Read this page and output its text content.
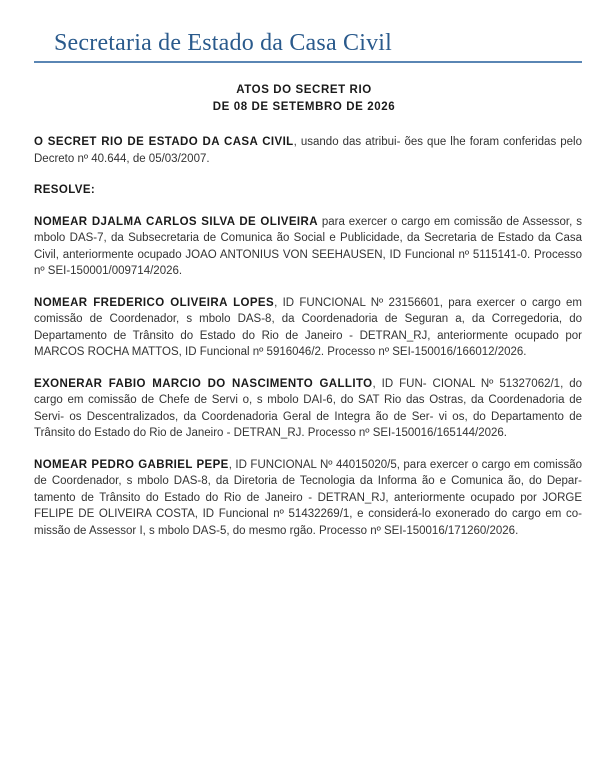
Secretaria de Estado da Casa Civil
ATOS DO SECRET RIO
DE 08 DE SETEMBRO DE 2026

O SECRET RIO DE ESTADO DA CASA CIVIL, usando das atribui- ões que lhe foram conferidas pelo Decreto nº 40.644, de 05/03/2007.

RESOLVE:

NOMEAR DJALMA CARLOS SILVA DE OLIVEIRA para exercer o cargo em comissão de Assessor, s mbolo DAS-7, da Subsecretaria de Comunica ão Social e Publicidade, da Secretaria de Estado da Casa Civil, anteriormente ocupado JOAO ANTONIUS VON SEEHAUSEN, ID Funcional nº 5115141-0. Processo nº SEI-150001/009714/2026.

NOMEAR FREDERICO OLIVEIRA LOPES, ID FUNCIONAL Nº 23156601, para exercer o cargo em comissão de Coordenador, s mbolo DAS-8, da Coordenadoria de Seguran a, da Corregedoria, do Departamento de Trânsito do Estado do Rio de Janeiro - DETRAN_RJ, anteriormente ocupado por MARCOS ROCHA MATTOS, ID Funcional nº 5916046/2. Processo nº SEI-150016/166012/2026.

EXONERAR FABIO MARCIO DO NASCIMENTO GALLITO, ID FUN- CIONAL Nº 51327062/1, do cargo em comissão de Chefe de Servi o, s mbolo DAI-6, do SAT Rio das Ostras, da Coordenadoria de Servi- os Descentralizados, da Coordenadoria Geral de Integra ão de Ser- vi os, do Departamento de Trânsito do Estado do Rio de Janeiro - DETRAN_RJ. Processo nº SEI-150016/165144/2026.

NOMEAR PEDRO GABRIEL PEPE, ID FUNCIONAL Nº 44015020/5, para exercer o cargo em comissão de Coordenador, s mbolo DAS-8, da Diretoria de Tecnologia da Informa ão e Comunica ão, do Depar- tamento de Trânsito do Estado do Rio de Janeiro - DETRAN_RJ, anteriormente ocupado por JORGE FELIPE DE OLIVEIRA COSTA, ID Funcional nº 51432269/1, e considerá-lo exonerado do cargo em co- missão de Assessor I, s mbolo DAS-5, do mesmo rgão. Processo nº SEI-150016/171260/2026.
